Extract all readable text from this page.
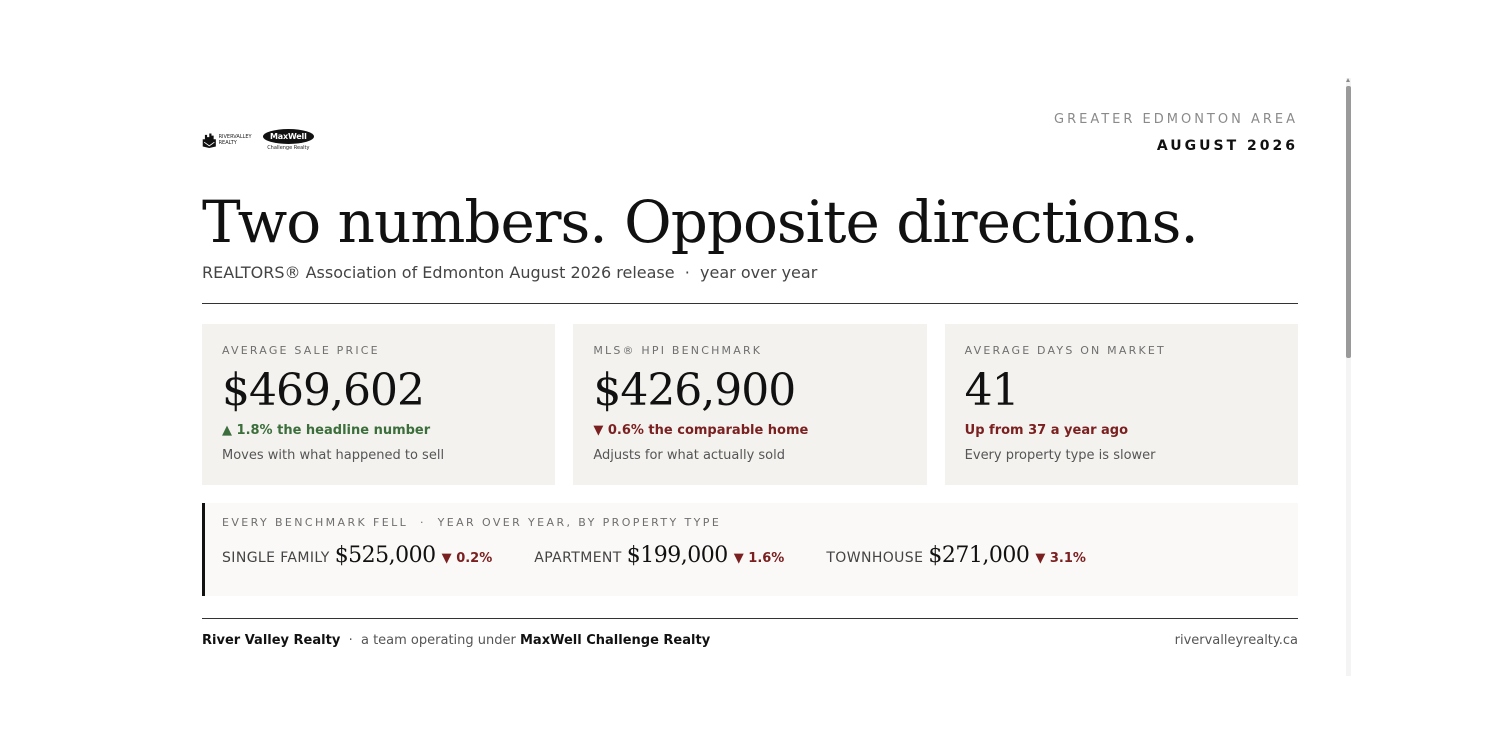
RIVERVALLEY REALTY
MaxWell
Challenge Realty
GREATER EDMONTON AREA
AUGUST 2026
Two numbers. Opposite directions.
REALTORS® Association of Edmonton August 2026 release  ·  year over year
AVERAGE SALE PRICE
$469,602
▲ 1.8% the headline number
Moves with what happened to sell
MLS® HPI BENCHMARK
$426,900
▼ 0.6% the comparable home
Adjusts for what actually sold
AVERAGE DAYS ON MARKET
41
Up from 37 a year ago
Every property type is slower
EVERY BENCHMARK FELL  ·  YEAR OVER YEAR, BY PROPERTY TYPE
SINGLE FAMILY $525,000 ▼ 0.2%	APARTMENT $199,000 ▼ 1.6%	TOWNHOUSE $271,000 ▼ 3.1%
River Valley Realty · a team operating under MaxWell Challenge Realty	rivervalleyrealty.ca
